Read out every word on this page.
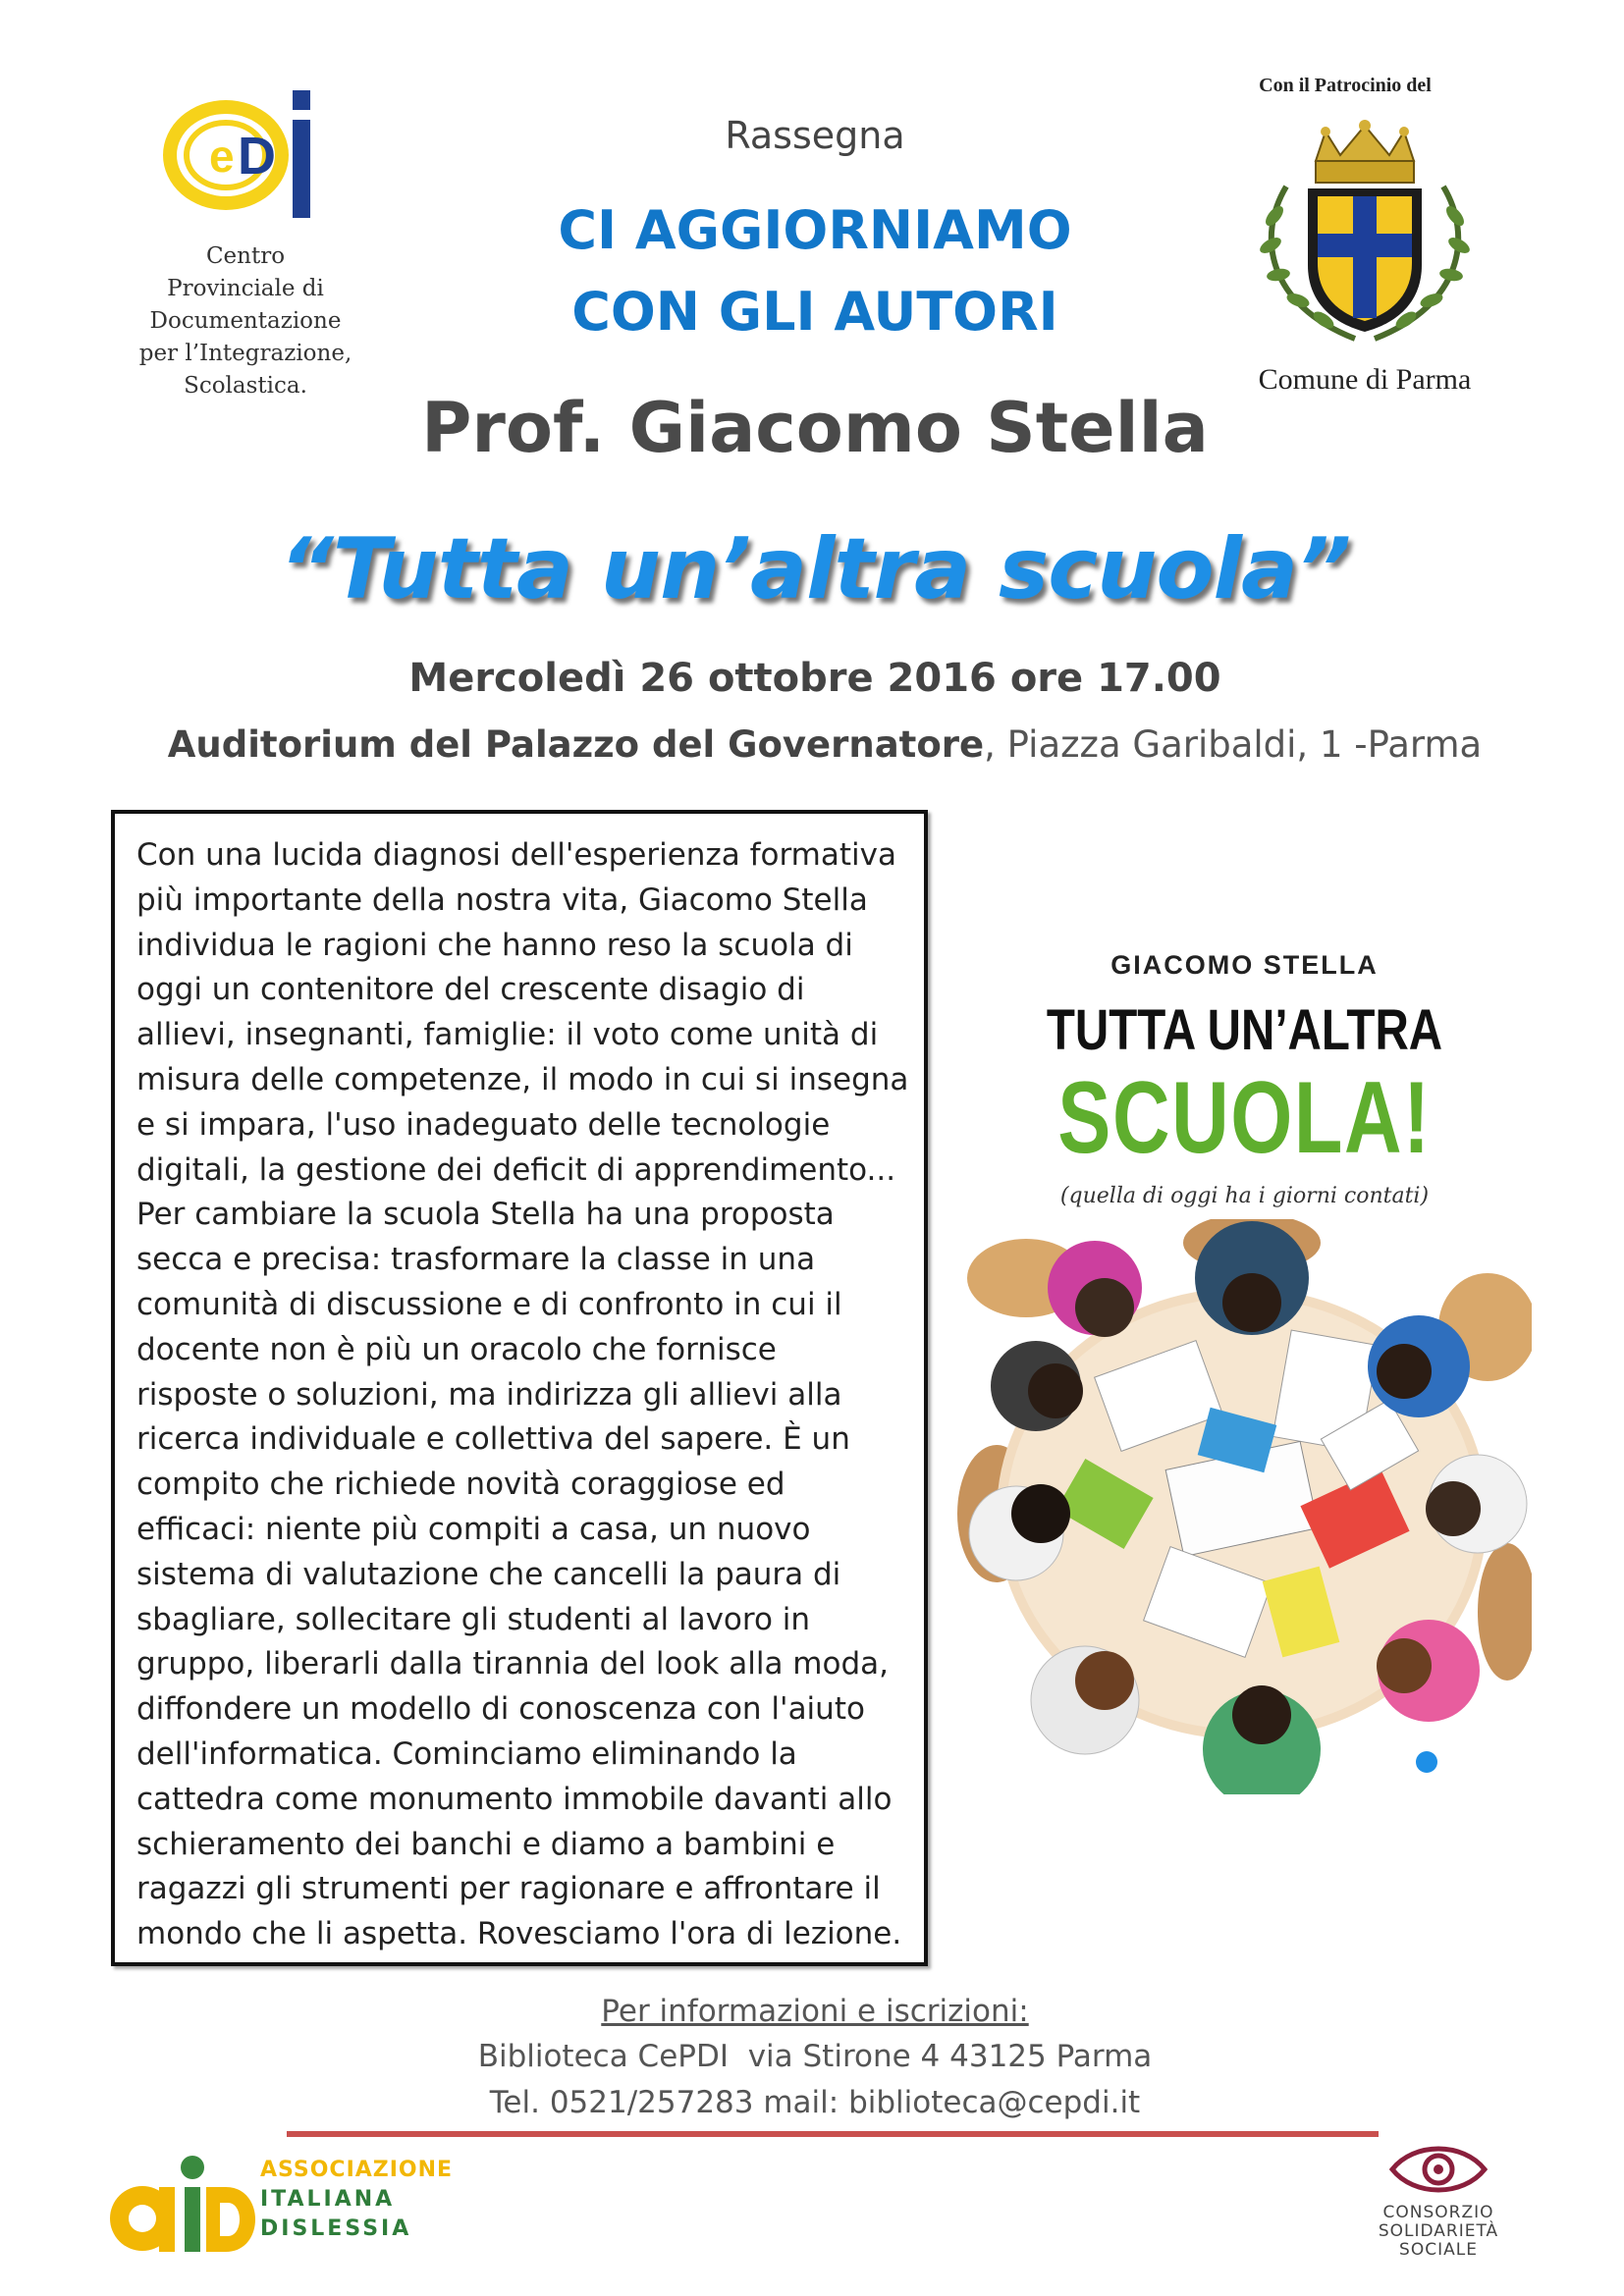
e D
Centro
Provinciale di
Documentazione
per l’Integrazione,
Scolastica.
Con il Patrocinio del
Comune di Parma
Rassegna
CI AGGIORNIAMO
CON GLI AUTORI
Prof. Giacomo Stella
“Tutta un’altra scuola”
Mercoledì 26 ottobre 2016 ore 17.00
Auditorium del Palazzo del Governatore, Piazza Garibaldi, 1 -Parma
Con una lucida diagnosi dell'esperienza formativa
più importante della nostra vita, Giacomo Stella
individua le ragioni che hanno reso la scuola di
oggi un contenitore del crescente disagio di
allievi, insegnanti, famiglie: il voto come unità di
misura delle competenze, il modo in cui si insegna
e si impara, l'uso inadeguato delle tecnologie
digitali, la gestione dei deficit di apprendimento...
Per cambiare la scuola Stella ha una proposta
secca e precisa: trasformare la classe in una
comunità di discussione e di confronto in cui il
docente non è più un oracolo che fornisce
risposte o soluzioni, ma indirizza gli allievi alla
ricerca individuale e collettiva del sapere. È un
compito che richiede novità coraggiose ed
efficaci: niente più compiti a casa, un nuovo
sistema di valutazione che cancelli la paura di
sbagliare, sollecitare gli studenti al lavoro in
gruppo, liberarli dalla tirannia del look alla moda,
diffondere un modello di conoscenza con l'aiuto
dell'informatica. Cominciamo eliminando la
cattedra come monumento immobile davanti allo
schieramento dei banchi e diamo a bambini e
ragazzi gli strumenti per ragionare e affrontare il
mondo che li aspetta. Rovesciamo l'ora di lezione.
GIACOMO STELLA
TUTTA UN’ALTRA
SCUOLA!
(quella di oggi ha i giorni contati)
GIUNTI
Per informazioni e iscrizioni:
Biblioteca CePDI  via Stirone 4 43125 Parma
Tel. 0521/257283 mail: biblioteca@cepdi.it
ASSOCIAZIONE
ITALIANA
DISLESSIA
CONSORZIO
SOLIDARIETÀ
SOCIALE
